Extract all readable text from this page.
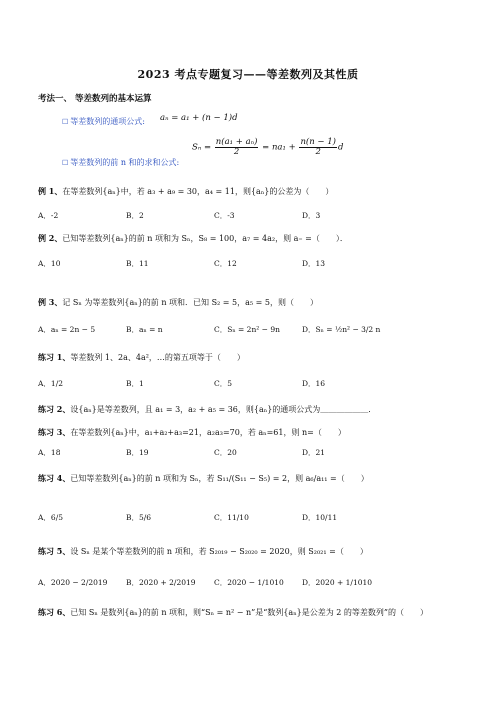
2023 考点专题复习——等差数列及其性质
考法一、 等差数列的基本运算
☐ 等差数列的通项公式: aₙ = a₁ + (n − 1)d
$S_n = \frac{\text{n(a₁ + aₙ)}}{2} = na_1 + \frac{n(n - 1)}{2}$ d
☐ 等差数列的前 n 和的求和公式:
例 1、在等差数列{aₙ}中，若 a₃ + a₉ = 30，a₄ = 11，则{aₙ}的公差为（　　）
A．-2	B．2	C．-3	D．3
例 2、已知等差数列{aₙ}的前 n 项和为 Sₙ，S₈ = 100，a₇ = 4a₂，则 a₌ =（　　）．
A．10	B．11	C．12	D．13
例 3、记 Sₙ 为等差数列{aₙ}的前 n 项和．已知 S₂ = 5，a₅ = 5，则（　　）
A．aₙ = 2n − 5	B．aₙ = n	C．Sₙ = 2n² − 9n	D．Sₙ = ½n² − 3/2 n
练习 1、等差数列 1、2a、4a²，…的第五项等于（　　）
A．1/2	B．1	C．5	D．16
练习 2、设{aₙ}是等差数列，且 a₁ = 3，a₂ + a₅ = 36，则{aₙ}的通项公式为＿＿＿＿＿＿．
练习 3、在等差数列{aₙ}中，a₁+a₂+a₃=21，a₂a₃=70，若 aₙ=61，则 n=（　　）
A．18	B．19	C．20	D．21
练习 4、已知等差数列{aₙ}的前 n 项和为 Sₙ，若 S₁₁/(S₁₁ − S₅) = 2，则 a₆/a₁₁ =（　　）
A．6/5	B．5/6	C．11/10	D．10/11
练习 5、设 Sₙ 是某个等差数列的前 n 项和，若 S₂₀₁₉ − S₂₀₂₀ = 2020，则 S₂₀₂₁ =（　　）
A．2020 − 2/2019 B．2020 + 2/2019 C．2020 − 1/1010 D．2020 + 1/1010
练习 6、已知 Sₙ 是数列{aₙ}的前 n 项和，则“Sₙ = n² − n”是“数列{aₙ}是公差为 2 的等差数列”的（　　）
